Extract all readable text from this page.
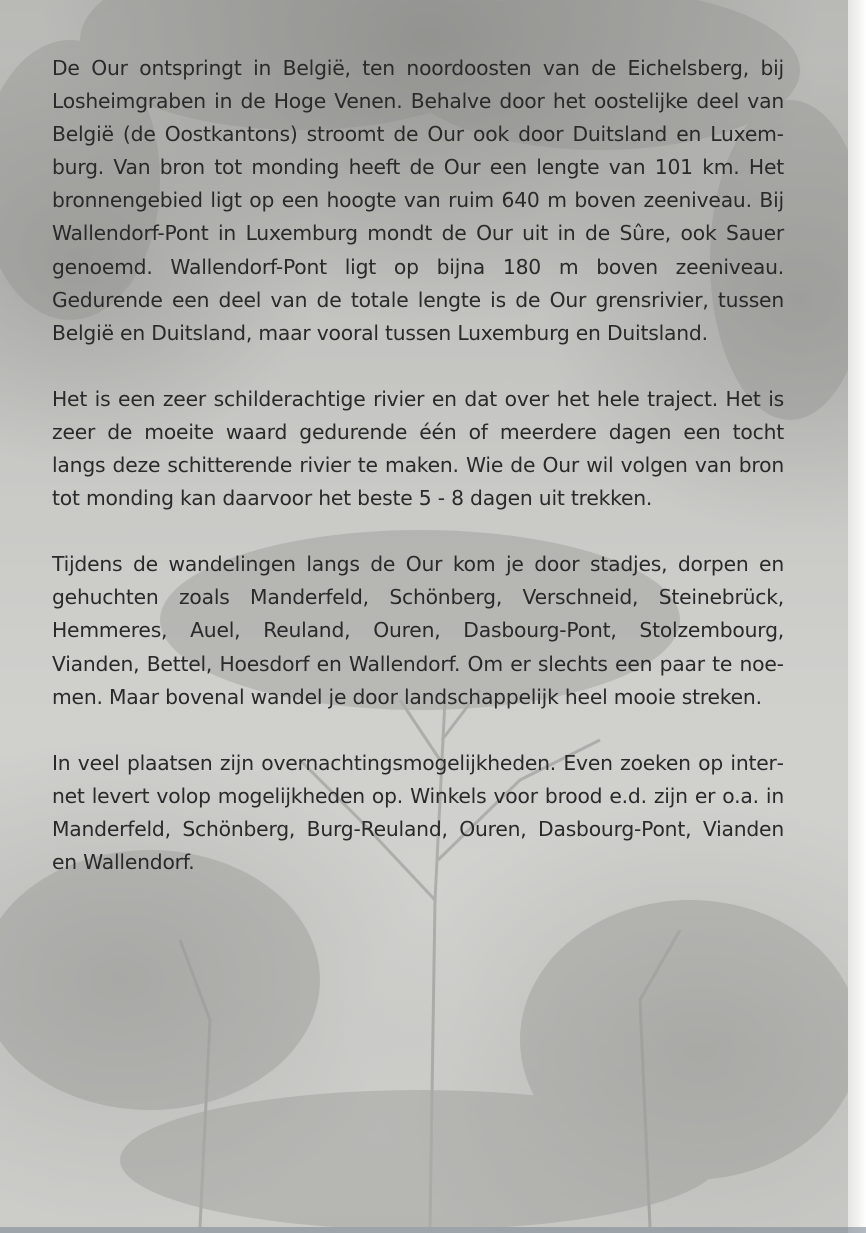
De Our ontspringt in België, ten noordoosten van de Eichelsberg, bij Losheimgraben in de Hoge Venen. Behalve door het oostelijke deel van België (de Oostkantons) stroomt de Our ook door Duitsland en Luxemburg. Van bron tot monding heeft de Our een lengte van 101 km. Het bronnengebied ligt op een hoogte van ruim 640 m boven zeeniveau. Bij Wallendorf-Pont in Luxemburg mondt de Our uit in de Sûre, ook Sauer genoemd. Wallendorf-Pont ligt op bijna 180 m boven zeeniveau. Gedurende een deel van de totale lengte is de Our grensrivier, tussen België en Duitsland, maar vooral tussen Luxemburg en Duitsland.

Het is een zeer schilderachtige rivier en dat over het hele traject. Het is zeer de moeite waard gedurende één of meerdere dagen een tocht langs deze schitterende rivier te maken. Wie de Our wil volgen van bron tot monding kan daarvoor het beste 5 - 8 dagen uit trekken.

Tijdens de wandelingen langs de Our kom je door stadjes, dorpen en gehuchten zoals Manderfeld, Schönberg, Verschneid, Steinebrück, Hemmeres, Auel, Reuland, Ouren, Dasbourg-Pont, Stolzembourg, Vianden, Bettel, Hoesdorf en Wallendorf. Om er slechts een paar te noemen. Maar bovenal wandel je door landschappelijk heel mooie streken.

In veel plaatsen zijn overnachtingsmogelijkheden. Even zoeken op internet levert volop mogelijkheden op. Winkels voor brood e.d. zijn er o.a. in Manderfeld, Schönberg, Burg-Reuland, Ouren, Dasbourg-Pont, Vianden en Wallendorf.
